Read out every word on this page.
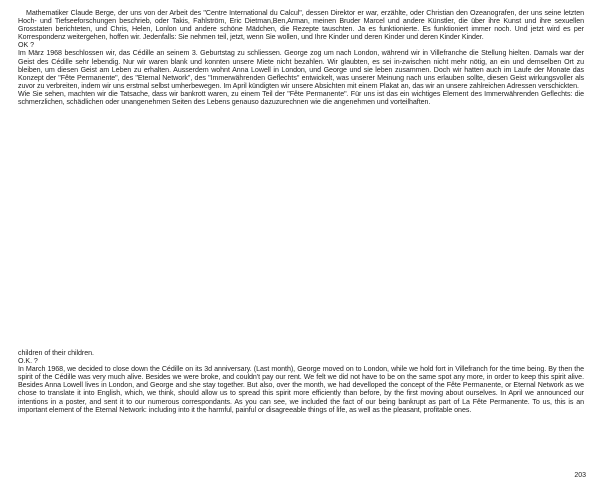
Mathematiker Claude Berge, der uns von der Arbeit des "Centre International du Calcul", dessen Direktor er war, erzählte, oder Christian den Ozeanografen, der uns seine letzten Hoch- und Tiefseeforschungen beschrieb, oder Takis, Fahlström, Eric Dietman,Ben,Arman, meinen Bruder Marcel und andere Künstler, die über ihre Kunst und ihre sexuellen Grosstaten berichteten, und Chris, Helen, Lonlon und andere schöne Mädchen, die Rezepte tauschten. Ja es funktionierte. Es funktioniert immer noch. Und jetzt wird es per Korrespondenz weitergehen, hoffen wir. Jedenfalls: Sie nehmen teil, jetzt, wenn Sie wollen, und Ihre Kinder und deren Kinder und deren Kinder Kinder.

OK ?

Im März 1968 beschlossen wir, das Cédille an seinem 3. Geburtstag zu schliessen. George zog um nach London, während wir in Villefranche die Stellung hielten. Damals war der Geist des Cédille sehr lebendig. Nur wir waren blank und konnten unsere Miete nicht bezahlen. Wir glaubten, es sei in-zwischen nicht mehr nötig, an ein und demselben Ort zu bleiben, um diesen Geist am Leben zu erhalten. Ausserdem wohnt Anna Lowell in London, und George und sie leben zusammen. Doch wir hatten auch im Laufe der Monate das Konzept der "Fête Permanente", des "Eternal Network", des "Immerwährenden Geflechts" entwickelt, was unserer Meinung nach uns erlauben sollte, diesen Geist wirkungsvoller als zuvor zu verbreiten, indem wir uns erstmal selbst umherbewegen. Im April kündigten wir unsere Absichten mit einem Plakat an, das wir an unsere zahlreichen Adressen verschickten.

Wie Sie sehen, machten wir die Tatsache, dass wir bankrott waren, zu einem Teil der "Fête Permanente". Für uns ist das ein wichtiges Element des Immerwährenden Geflechts: die schmerzlichen, schädlichen oder unangenehmen Seiten des Lebens genauso dazuzurechnen wie die angenehmen und vorteilhaften.

children of their children.

O.K. ?

In March 1968, we decided to close down the Cédille on its 3d anniversary. (Last month), George moved on to London, while we hold fort in Villefranch for the time being. By then the spirit of the Cédille was very much alive. Besides we were broke, and couldn't pay our rent. We felt we did not have to be on the same spot any more, in order to keep this spirit alive. Besides Anna Lowell lives in London, and George and she stay together. But also, over the month, we had develloped the concept of the Fête Permanente, or Eternal Network as we chose to translate it into English, which, we think, should allow us to spread this spirit more efficiently than before, by the first moving about ourselves. In April we announced our intentions in a poster, and sent it to our numerous correspondants. As you can see, we included the fact of our being bankrupt as part of La Fête Permanente. To us, this is an important element of the Eternal Network: including into it the harmful, painful or disagreeable things of life, as well as the pleasant, profitable ones.

203
